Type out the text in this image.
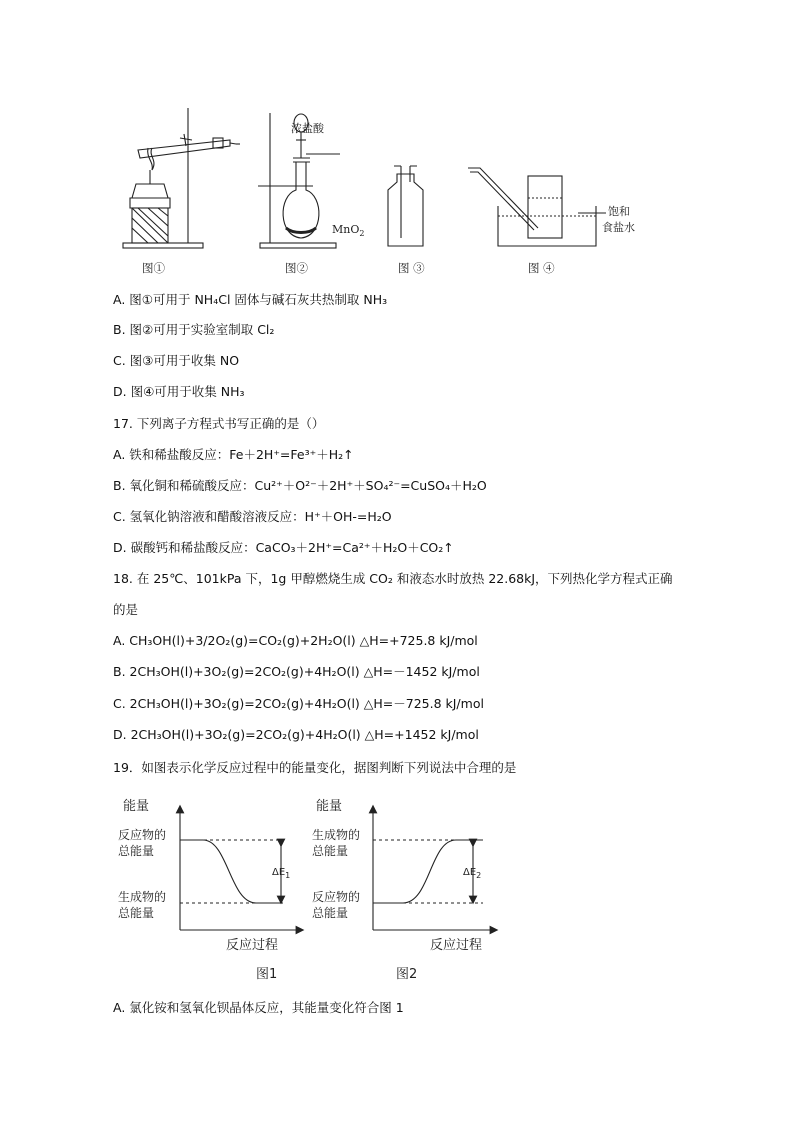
浓盐酸
MnO$_2$
饱和
食盐水
图①	图②	图 ③	图 ④
A. 图①可用于 NH₄Cl 固体与碱石灰共热制取 NH₃
B. 图②可用于实验室制取 Cl₂
C. 图③可用于收集 NO
D. 图④可用于收集 NH₃
17. 下列离子方程式书写正确的是（）
A. 铁和稀盐酸反应：Fe＋2H⁺=Fe³⁺＋H₂↑
B. 氧化铜和稀硫酸反应：Cu²⁺＋O²⁻＋2H⁺＋SO₄²⁻=CuSO₄＋H₂O
C. 氢氧化钠溶液和醋酸溶液反应：H⁺＋OH-=H₂O
D. 碳酸钙和稀盐酸反应：CaCO₃＋2H⁺=Ca²⁺＋H₂O＋CO₂↑
18. 在 25℃、101kPa 下，1g 甲醇燃烧生成 CO₂ 和液态水时放热 22.68kJ，下列热化学方程式正确
的是
A. CH₃OH(l)+3/2O₂(g)=CO₂(g)+2H₂O(l) △H=+725.8 kJ/mol
B. 2CH₃OH(l)+3O₂(g)=2CO₂(g)+4H₂O(l) △H=－1452 kJ/mol
C. 2CH₃OH(l)+3O₂(g)=2CO₂(g)+4H₂O(l) △H=－725.8 kJ/mol
D. 2CH₃OH(l)+3O₂(g)=2CO₂(g)+4H₂O(l) △H=+1452 kJ/mol
19．如图表示化学反应过程中的能量变化，据图判断下列说法中合理的是
能量
反应物的
总能量
生成物的
总能量
$\Delta E_1$
反应过程
图1
能量
生成物的
总能量
反应物的
总能量
$\Delta E_2$
反应过程
图2
A. 氯化铵和氢氧化钡晶体反应，其能量变化符合图 1
